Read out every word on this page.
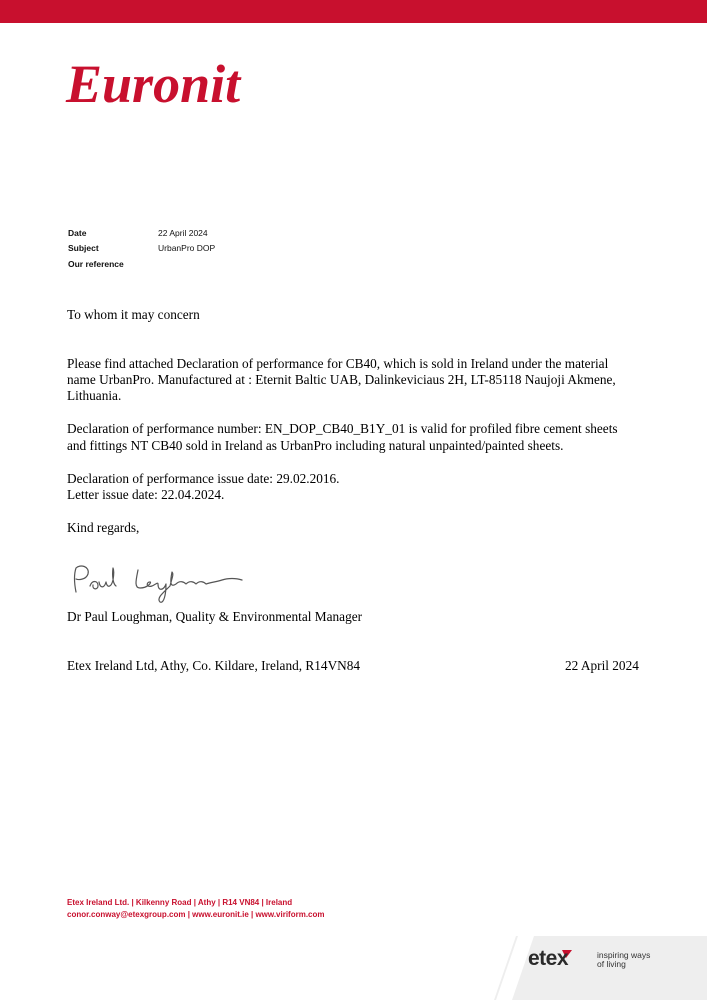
Euronit
Date	22 April 2024
Subject	UrbanPro DOP
Our reference
To whom it may concern
Please find attached Declaration of performance for CB40, which is sold in Ireland under the material
name UrbanPro. Manufactured at : Eternit Baltic UAB, Dalinkeviciaus 2H, LT-85118 Naujoji Akmene,
Lithuania.
Declaration of performance number: EN_DOP_CB40_B1Y_01 is valid for profiled fibre cement sheets
and fittings NT CB40 sold in Ireland as UrbanPro including natural unpainted/painted sheets.
Declaration of performance issue date: 29.02.2016.
Letter issue date: 22.04.2024.
Kind regards,
Dr Paul Loughman, Quality & Environmental Manager
Etex Ireland Ltd, Athy, Co. Kildare, Ireland, R14VN84	22 April 2024
Etex Ireland Ltd. | Kilkenny Road | Athy | R14 VN84 | Ireland
conor.conway@etexgroup.com | www.euronit.ie | www.viriform.com
etex	inspiring ways
of living
